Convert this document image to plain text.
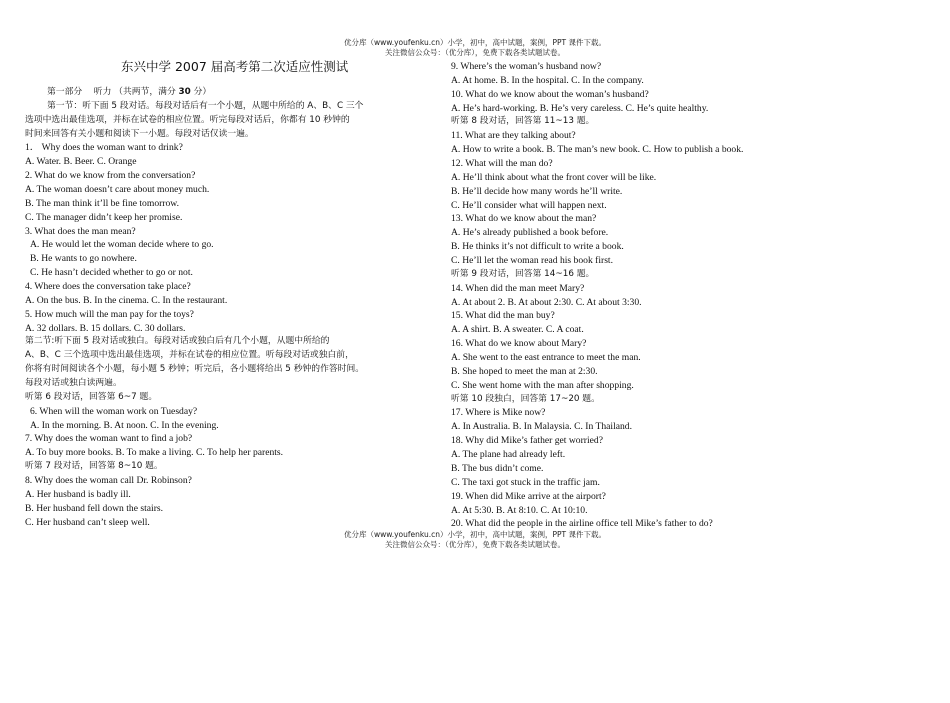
优分库（www.youfenku.cn）小学，初中，高中试题，案例，PPT 课件下载。
关注微信公众号：（优分库），免费下载各类试题试卷。
东兴中学 2007 届高考第二次适应性测试

第一部分　 听力 （共两节，满分 30 分）

第一节：听下面 5 段对话。每段对话后有一个小题，从题中所给的 A、B、C 三个

选项中选出最佳选项，并标在试卷的相应位置。听完每段对话后，你都有 10 秒钟的

时间来回答有关小题和阅读下一小题。每段对话仅读一遍。

1． Why does the woman want to drink?

A. Water. B. Beer. C. Orange

2. What do we know from the conversation?

A. The woman doesn’t care about money much.

B. The man think it’ll be fine tomorrow.

C. The manager didn’t keep her promise.

3. What does the man mean?

A. He would let the woman decide where to go.

B. He wants to go nowhere.

C. He hasn’t decided whether to go or not.

4. Where does the conversation take place?

A. On the bus. B. In the cinema. C. In the restaurant.

5. How much will the man pay for the toys?

A. 32 dollars. B. 15 dollars. C. 30 dollars.

第二节:听下面 5 段对话或独白。每段对话或独白后有几个小题，从题中所给的

A、B、C 三个选项中选出最佳选项，并标在试卷的相应位置。听每段对话或独白前，

你将有时间阅读各个小题，每小题 5 秒钟；听完后，各小题将给出 5 秒钟的作答时间。

每段对话或独白读两遍。

听第 6 段对话，回答第 6~7 题。

6. When will the woman work on Tuesday?

A. In the morning. B. At noon. C. In the evening.

7. Why does the woman want to find a job?

A. To buy more books. B. To make a living. C. To help her parents.

听第 7 段对话，回答第 8~10 题。

8. Why does the woman call Dr. Robinson?

A. Her husband is badly ill.

B. Her husband fell down the stairs.

C. Her husband can’t sleep well.

9. Where’s the woman’s husband now?

A. At home. B. In the hospital. C. In the company.

10. What do we know about the woman’s husband?

A. He’s hard-working. B. He’s very careless. C. He’s quite healthy.

听第 8 段对话，回答第 11~13 题。

11. What are they talking about?

A. How to write a book. B. The man’s new book. C. How to publish a book.

12. What will the man do?

A. He’ll think about what the front cover will be like.

B. He’ll decide how many words he’ll write.

C. He’ll consider what will happen next.

13. What do we know about the man?

A. He’s already published a book before.

B. He thinks it’s not difficult to write a book.

C. He’ll let the woman read his book first.

听第 9 段对话，回答第 14~16 题。

14. When did the man meet Mary?

A. At about 2. B. At about 2:30. C. At about 3:30.

15. What did the man buy?

A. A shirt. B. A sweater. C. A coat.

16. What do we know about Mary?

A. She went to the east entrance to meet the man.

B. She hoped to meet the man at 2:30.

C. She went home with the man after shopping.

听第 10 段独白，回答第 17~20 题。

17. Where is Mike now?

A. In Australia. B. In Malaysia. C. In Thailand.

18. Why did Mike’s father get worried?

A. The plane had already left.

B. The bus didn’t come.

C. The taxi got stuck in the traffic jam.

19. When did Mike arrive at the airport?

A. At 5:30. B. At 8:10. C. At 10:10.

20. What did the people in the airline office tell Mike’s father to do?

优分库（www.youfenku.cn）小学，初中，高中试题，案例，PPT 课件下载。
关注微信公众号：（优分库），免费下载各类试题试卷。
